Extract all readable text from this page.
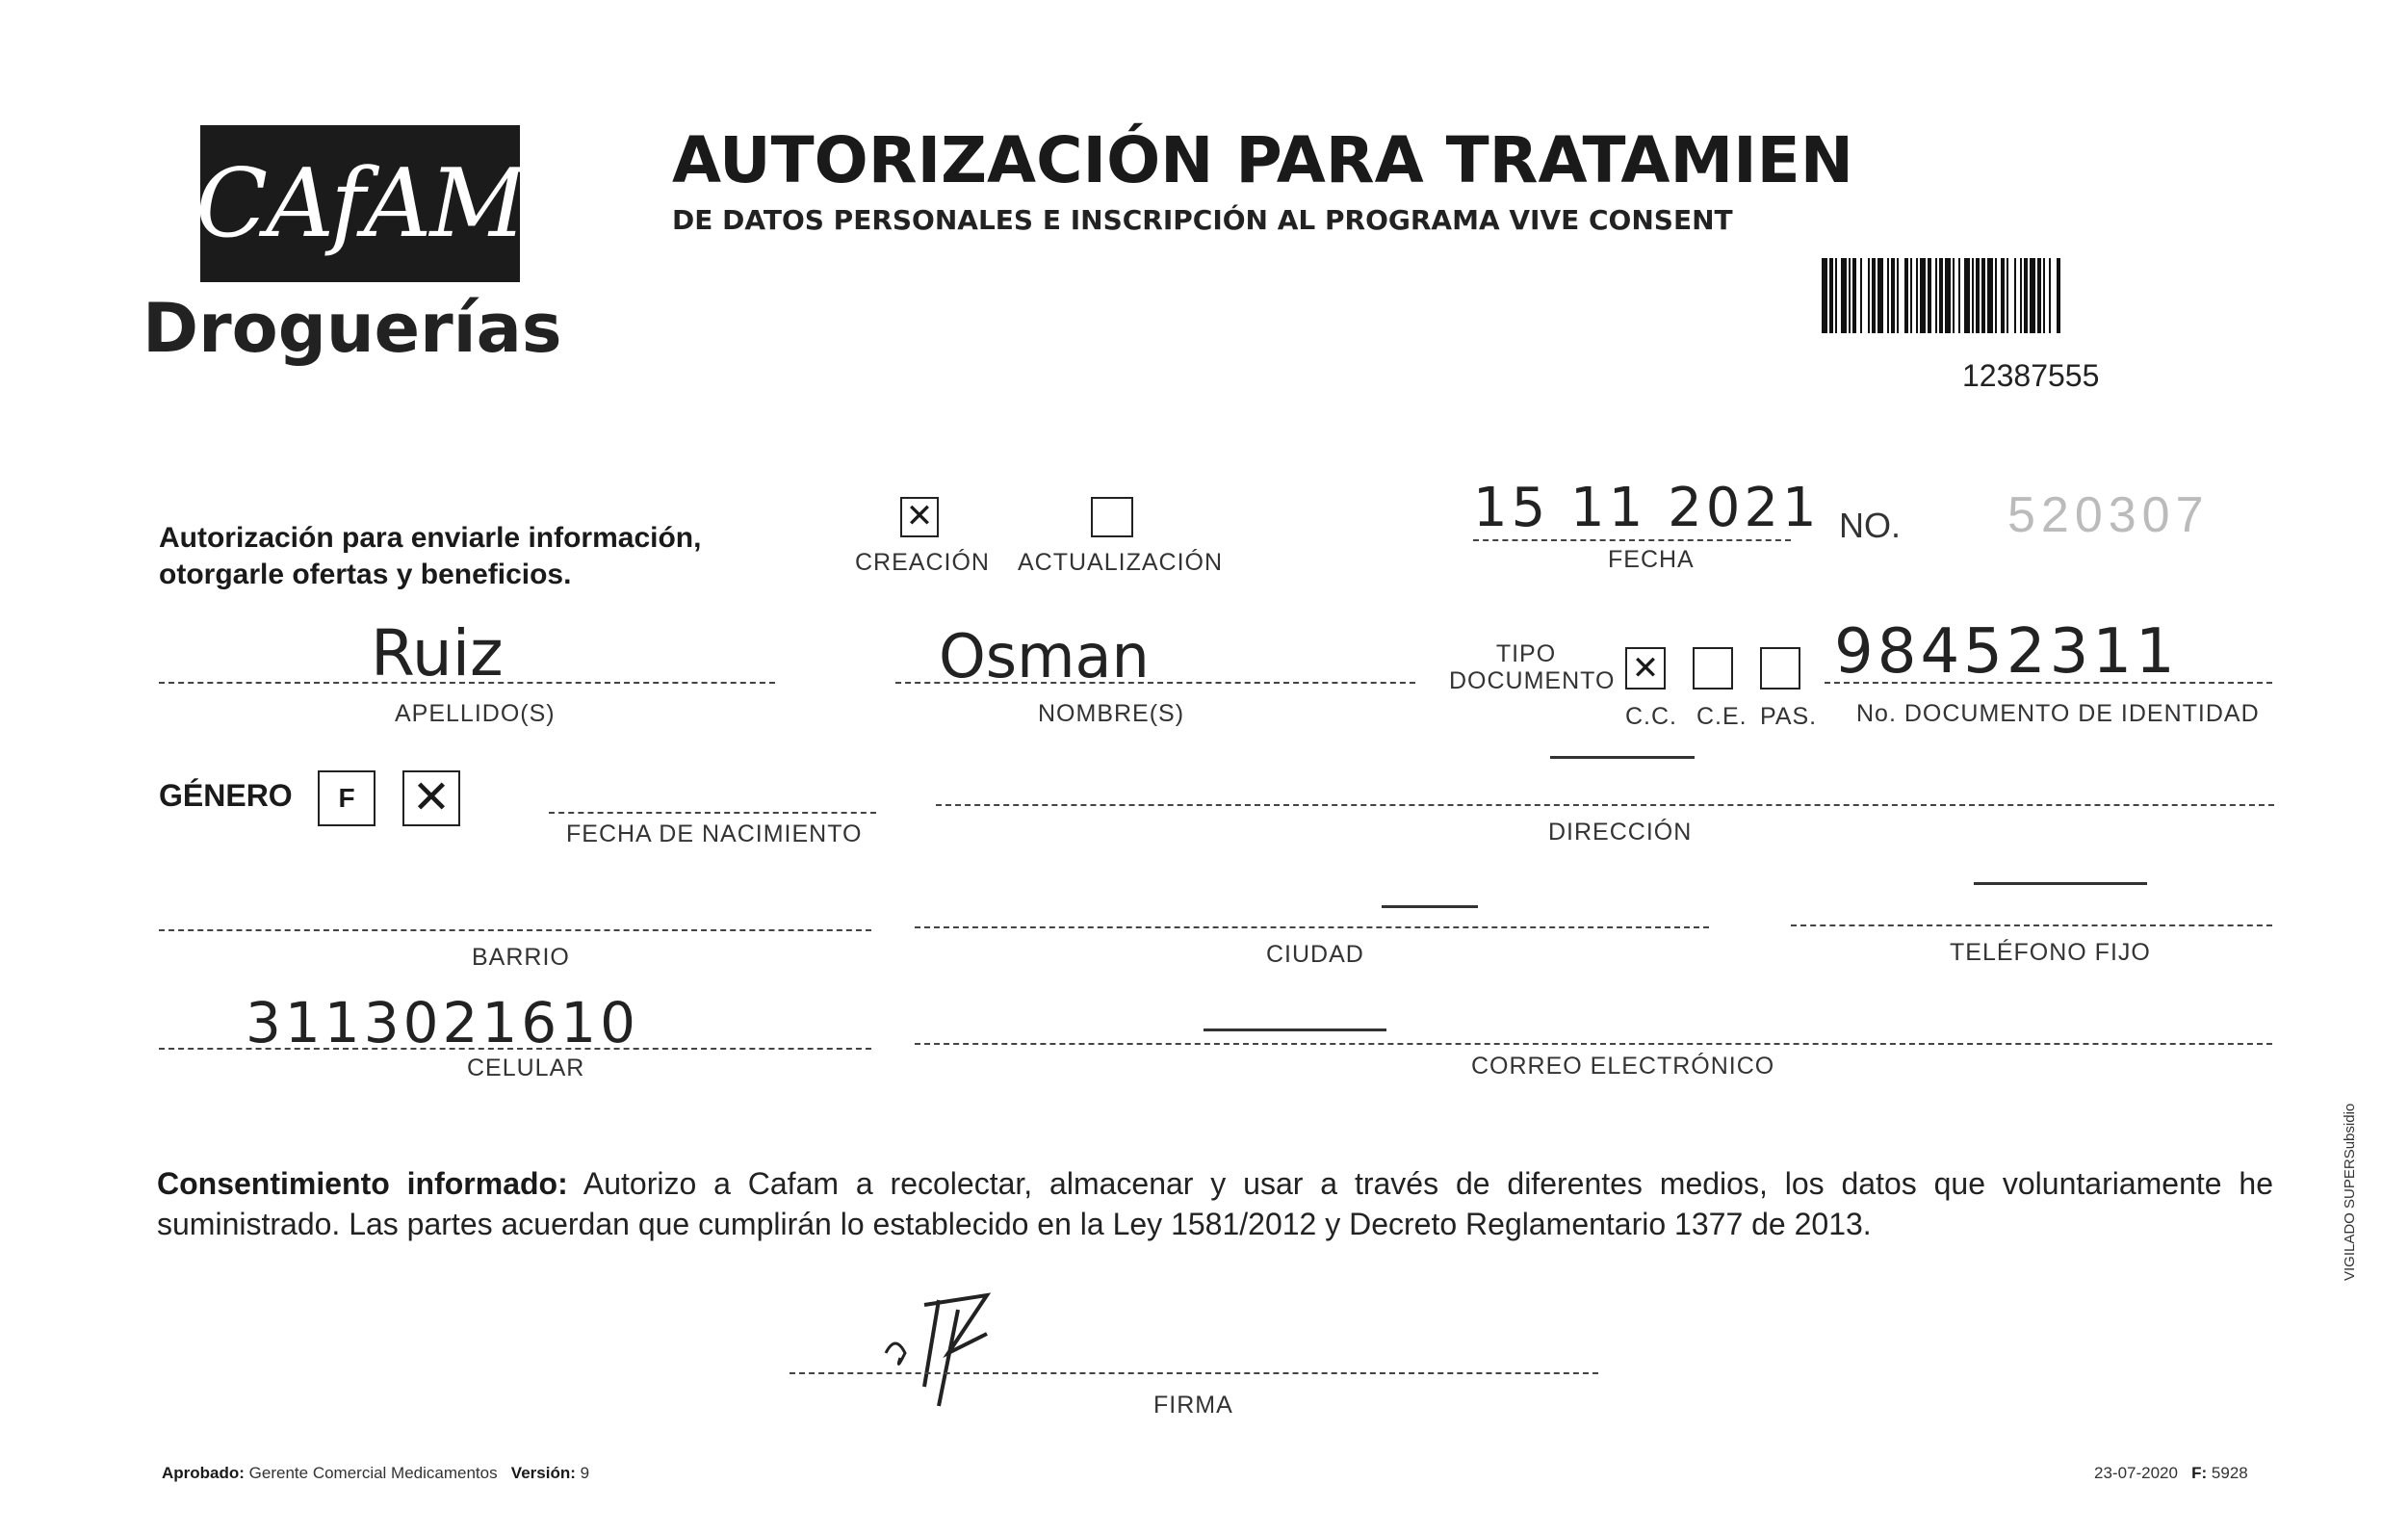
CAfAM
Droguerías
AUTORIZACIÓN PARA TRATAMIEN
DE DATOS PERSONALES E INSCRIPCIÓN AL PROGRAMA VIVE CONSENT
12387555
Autorización para enviarle información, otorgarle ofertas y beneficios.
✕
CREACIÓN ACTUALIZACIÓN
15 11 2021
FECHA
NO. 520307
Ruiz
APELLIDO(S)
Osman
NOMBRE(S)
TIPO DOCUMENTO ✕
C.C. C.E. PAS.
98452311
No. DOCUMENTO DE IDENTIDAD
GÉNERO	F	✕
FECHA DE NACIMIENTO	DIRECCIÓN
BARRIO	CIUDAD	TELÉFONO FIJO
3113021610
CELULAR	CORREO ELECTRÓNICO
Consentimiento informado: Autorizo a Cafam a recolectar, almacenar y usar a través de diferentes medios, los datos que voluntariamente he suministrado. Las partes acuerdan que cumplirán lo establecido en la Ley 1581/2012 y Decreto Reglamentario 1377 de 2013.
FIRMA
Aprobado: Gerente Comercial Medicamentos Versión: 9	23-07-2020 F: 5928
VIGILADO SUPERSubsidio
